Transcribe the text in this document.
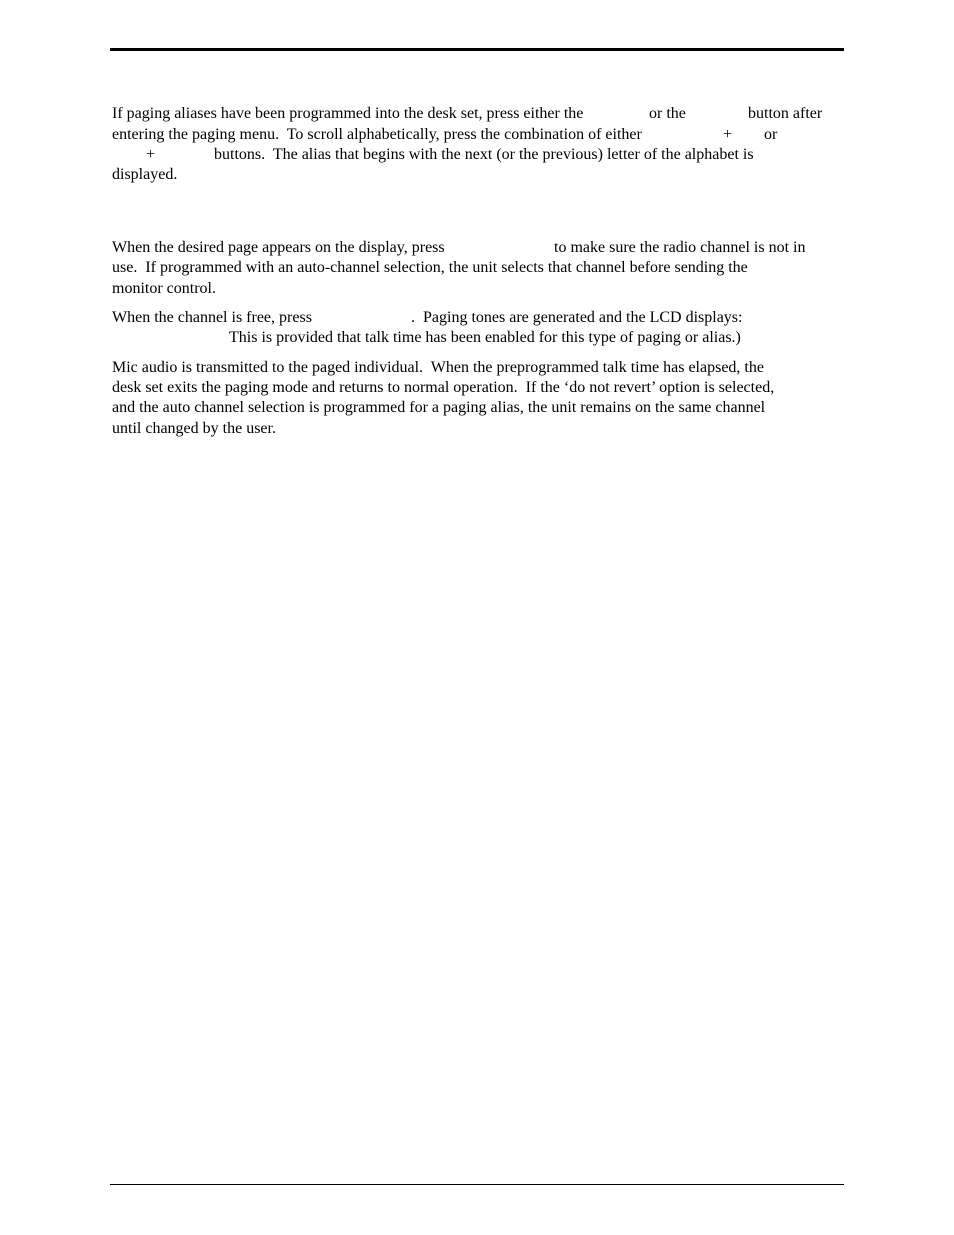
If paging aliases have been programmed into the desk set, press either the

	or the

	button after

entering the paging menu.  To scroll alphabetically, press the combination of either

	+

or

+

	buttons.  The alias that begins with the next (or the previous) letter of the alphabet is

displayed.

When the desired page appears on the display, press

	to make sure the radio channel is not in

use.  If programmed with an auto-channel selection, the unit selects that channel before sending the

monitor control.

When the channel is free, press

	.  Paging tones are generated and the LCD displays:

This is provided that talk time has been enabled for this type of paging or alias.)

Mic audio is transmitted to the paged individual.  When the preprogrammed talk time has elapsed, the

desk set exits the paging mode and returns to normal operation.  If the ‘do not revert’ option is selected,

and the auto channel selection is programmed for a paging alias, the unit remains on the same channel

until changed by the user.
